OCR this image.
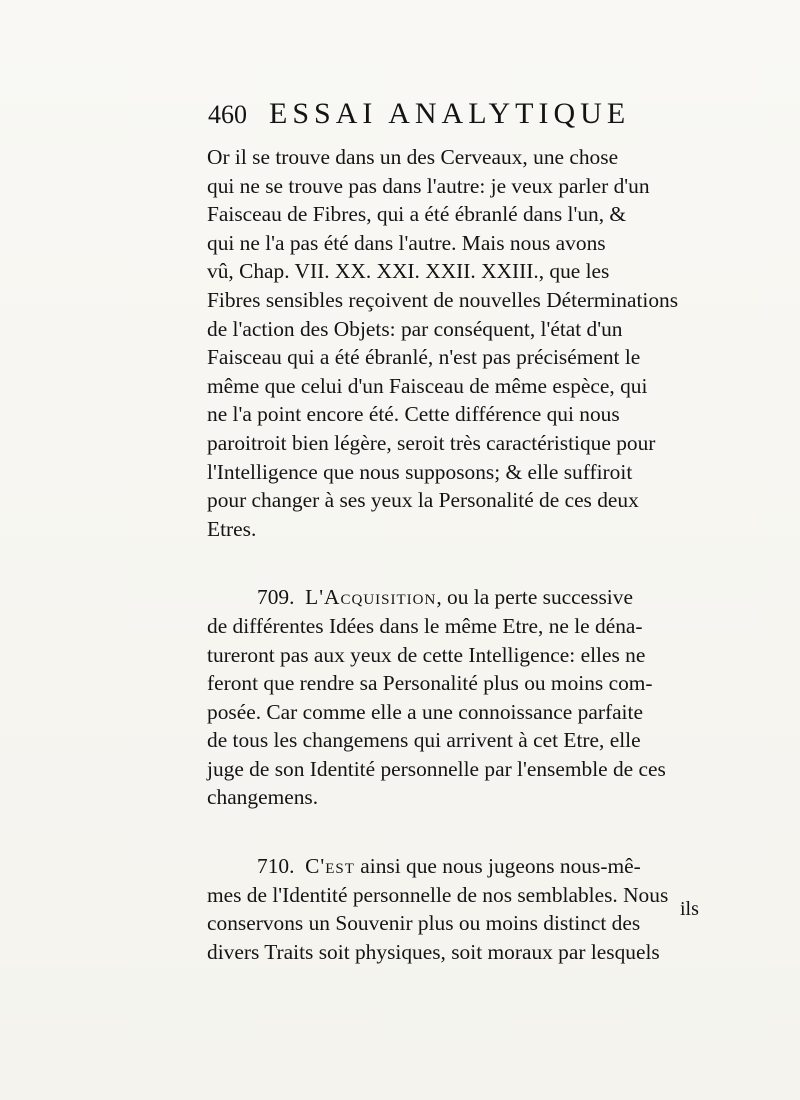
460 ESSAI ANALYTIQUE

Or il se trouve dans un des Cerveaux, une chose
qui ne se trouve pas dans l'autre: je veux parler d'un
Faisceau de Fibres, qui a été ébranlé dans l'un, &
qui ne l'a pas été dans l'autre. Mais nous avons
vû, Chap. VII. XX. XXI. XXII. XXIII., que les
Fibres sensibles reçoivent de nouvelles Déterminations
de l'action des Objets: par conséquent, l'état d'un
Faisceau qui a été ébranlé, n'est pas précisément le
même que celui d'un Faisceau de même espèce, qui
ne l'a point encore été. Cette différence qui nous
paroitroit bien légère, seroit très caractéristique pour
l'Intelligence que nous supposons; & elle suffiroit
pour changer à ses yeux la Personalité de ces deux
Etres.

709. L'Acquisition, ou la perte successive
de différentes Idées dans le même Etre, ne le déna-
tureront pas aux yeux de cette Intelligence: elles ne
feront que rendre sa Personalité plus ou moins com-
posée. Car comme elle a une connoissance parfaite
de tous les changemens qui arrivent à cet Etre, elle
juge de son Identité personnelle par l'ensemble de ces
changemens.

710. C'est ainsi que nous jugeons nous-mê-
mes de l'Identité personnelle de nos semblables. Nous
conservons un Souvenir plus ou moins distinct des
divers Traits soit physiques, soit moraux par lesquels

ils
